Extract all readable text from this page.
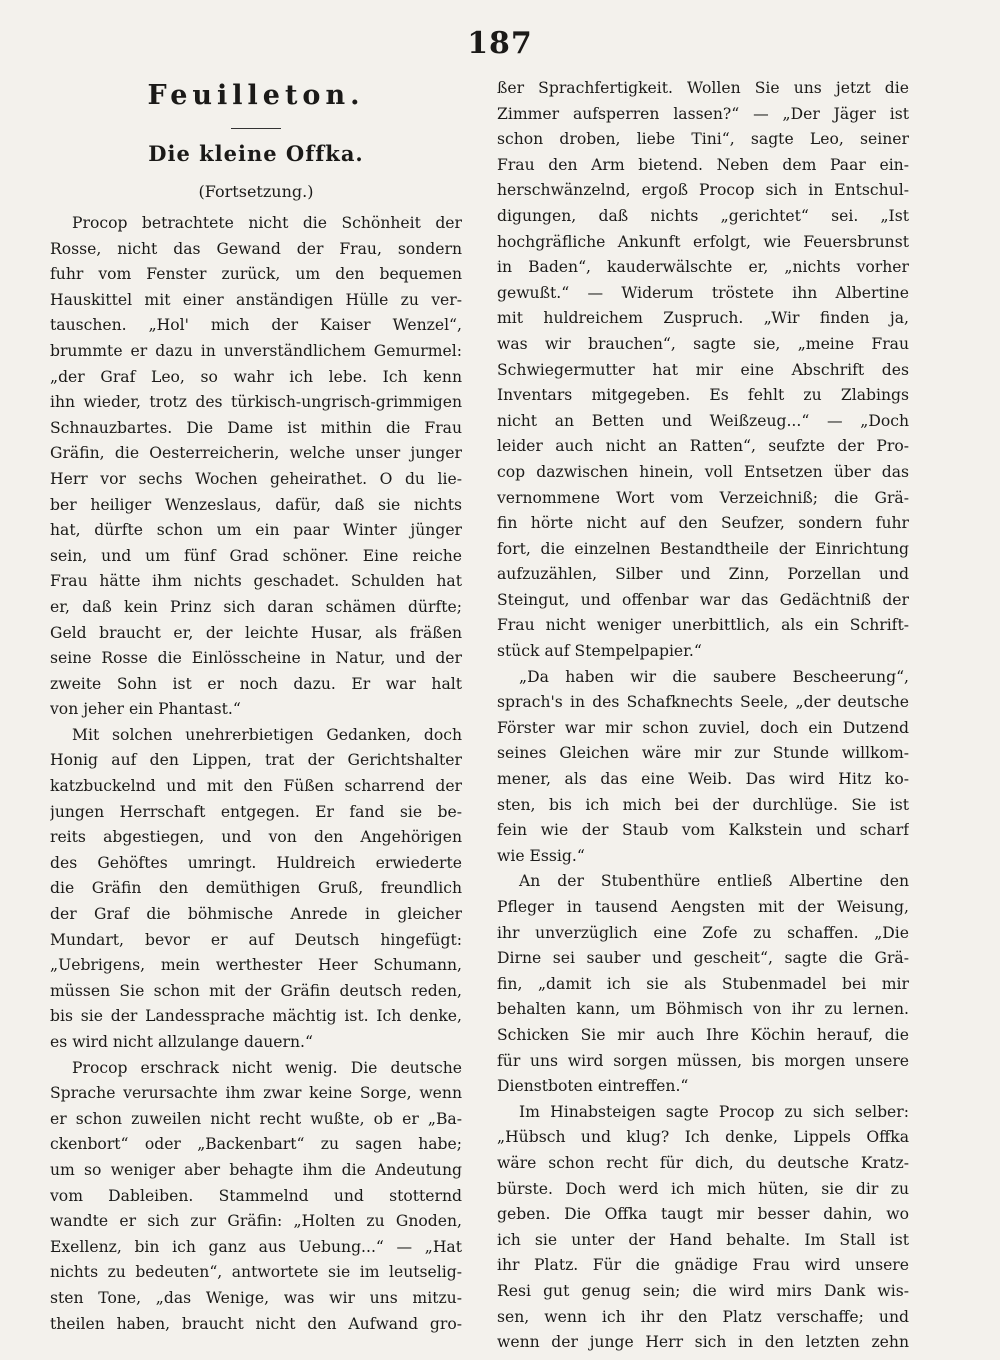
187
Feuilleton.
Die kleine Offka.
(Fortsetzung.)
Procop betrachtete nicht die Schönheit der
Rosse, nicht das Gewand der Frau, sondern
fuhr vom Fenster zurück, um den bequemen
Hauskittel mit einer anständigen Hülle zu ver-
tauschen. „Hol' mich der Kaiser Wenzel“,
brummte er dazu in unverständlichem Gemurmel:
„der Graf Leo, so wahr ich lebe. Ich kenn
ihn wieder, trotz des türkisch-ungrisch-grimmigen
Schnauzbartes. Die Dame ist mithin die Frau
Gräfin, die Oesterreicherin, welche unser junger
Herr vor sechs Wochen geheirathet. O du lie-
ber heiliger Wenzeslaus, dafür, daß sie nichts
hat, dürfte schon um ein paar Winter jünger
sein, und um fünf Grad schöner. Eine reiche
Frau hätte ihm nichts geschadet. Schulden hat
er, daß kein Prinz sich daran schämen dürfte;
Geld braucht er, der leichte Husar, als fräßen
seine Rosse die Einlösscheine in Natur, und der
zweite Sohn ist er noch dazu. Er war halt
von jeher ein Phantast.“
Mit solchen unehrerbietigen Gedanken, doch
Honig auf den Lippen, trat der Gerichtshalter
katzbuckelnd und mit den Füßen scharrend der
jungen Herrschaft entgegen. Er fand sie be-
reits abgestiegen, und von den Angehörigen
des Gehöftes umringt. Huldreich erwiederte
die Gräfin den demüthigen Gruß, freundlich
der Graf die böhmische Anrede in gleicher
Mundart, bevor er auf Deutsch hingefügt:
„Uebrigens, mein werthester Heer Schumann,
müssen Sie schon mit der Gräfin deutsch reden,
bis sie der Landessprache mächtig ist. Ich denke,
es wird nicht allzulange dauern.“
Procop erschrack nicht wenig. Die deutsche
Sprache verursachte ihm zwar keine Sorge, wenn
er schon zuweilen nicht recht wußte, ob er „Ba-
ckenbort“ oder „Backenbart“ zu sagen habe;
um so weniger aber behagte ihm die Andeutung
vom Dableiben. Stammelnd und stotternd
wandte er sich zur Gräfin: „Holten zu Gnoden,
Exellenz, bin ich ganz aus Uebung...“ — „Hat
nichts zu bedeuten“, antwortete sie im leutselig-
sten Tone, „das Wenige, was wir uns mitzu-
theilen haben, braucht nicht den Aufwand gro-
ßer Sprachfertigkeit. Wollen Sie uns jetzt die
Zimmer aufsperren lassen?“ — „Der Jäger ist
schon droben, liebe Tini“, sagte Leo, seiner
Frau den Arm bietend. Neben dem Paar ein-
herschwänzelnd, ergoß Procop sich in Entschul-
digungen, daß nichts „gerichtet“ sei. „Ist
hochgräfliche Ankunft erfolgt, wie Feuersbrunst
in Baden“, kauderwälschte er, „nichts vorher
gewußt.“ — Widerum tröstete ihn Albertine
mit huldreichem Zuspruch. „Wir finden ja,
was wir brauchen“, sagte sie, „meine Frau
Schwiegermutter hat mir eine Abschrift des
Inventars mitgegeben. Es fehlt zu Zlabings
nicht an Betten und Weißzeug...“ — „Doch
leider auch nicht an Ratten“, seufzte der Pro-
cop dazwischen hinein, voll Entsetzen über das
vernommene Wort vom Verzeichniß; die Grä-
fin hörte nicht auf den Seufzer, sondern fuhr
fort, die einzelnen Bestandtheile der Einrichtung
aufzuzählen, Silber und Zinn, Porzellan und
Steingut, und offenbar war das Gedächtniß der
Frau nicht weniger unerbittlich, als ein Schrift-
stück auf Stempelpapier.“
„Da haben wir die saubere Bescheerung“,
sprach's in des Schafknechts Seele, „der deutsche
Förster war mir schon zuviel, doch ein Dutzend
seines Gleichen wäre mir zur Stunde willkom-
mener, als das eine Weib. Das wird Hitz ko-
sten, bis ich mich bei der durchlüge. Sie ist
fein wie der Staub vom Kalkstein und scharf
wie Essig.“
An der Stubenthüre entließ Albertine den
Pfleger in tausend Aengsten mit der Weisung,
ihr unverzüglich eine Zofe zu schaffen. „Die
Dirne sei sauber und gescheit“, sagte die Grä-
fin, „damit ich sie als Stubenmadel bei mir
behalten kann, um Böhmisch von ihr zu lernen.
Schicken Sie mir auch Ihre Köchin herauf, die
für uns wird sorgen müssen, bis morgen unsere
Dienstboten eintreffen.“
Im Hinabsteigen sagte Procop zu sich selber:
„Hübsch und klug? Ich denke, Lippels Offka
wäre schon recht für dich, du deutsche Kratz-
bürste. Doch werd ich mich hüten, sie dir zu
geben. Die Offka taugt mir besser dahin, wo
ich sie unter der Hand behalte. Im Stall ist
ihr Platz. Für die gnädige Frau wird unsere
Resi gut genug sein; die wird mirs Dank wis-
sen, wenn ich ihr den Platz verschaffe; und
wenn der junge Herr sich in den letzten zehn
